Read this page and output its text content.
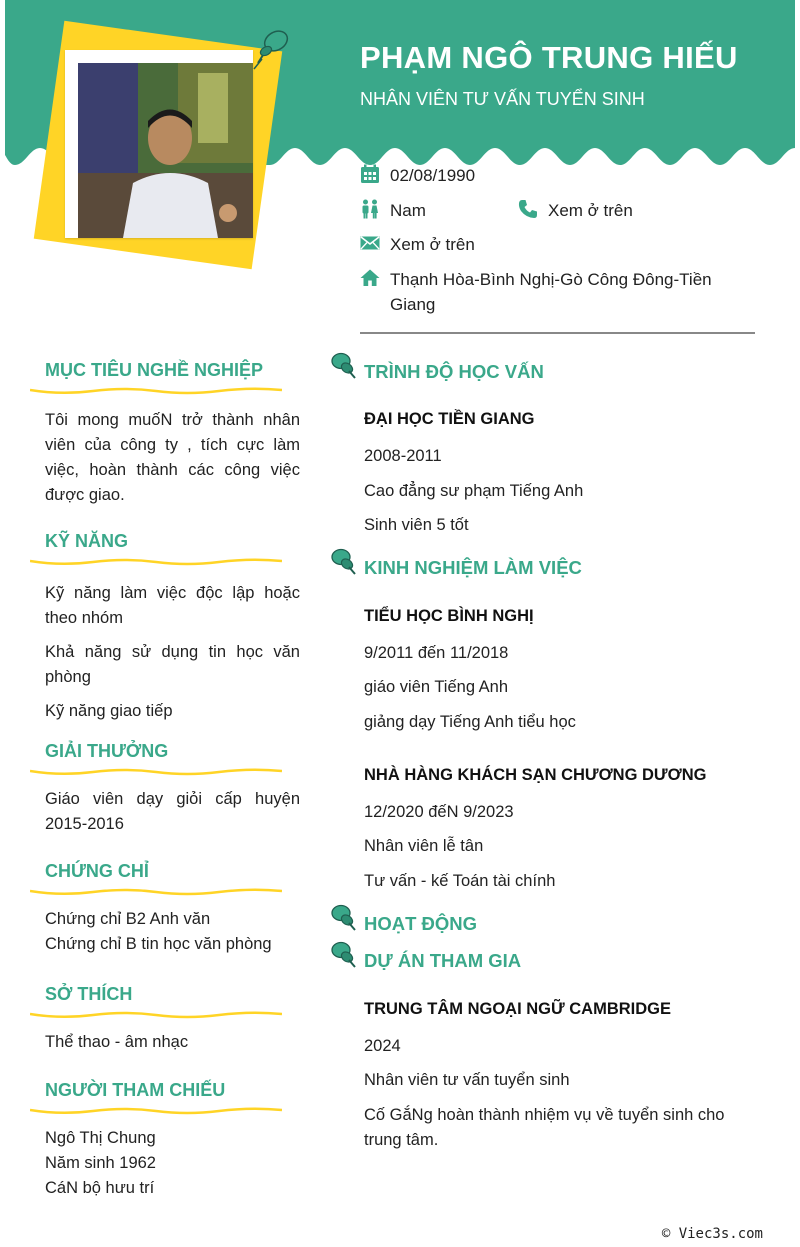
PHẠM NGÔ TRUNG HIẾU
NHÂN VIÊN TƯ VẤN TUYỂN SINH
02/08/1990
Nam	Xem ở trên
Xem ở trên
Thạnh Hòa-Bình Nghị-Gò Công Đông-Tiền Giang
MỤC TIÊU NGHỀ NGHIỆP
Tôi mong muốN trở thành nhân viên của công ty , tích cực làm việc, hoàn thành các công việc được giao.
KỸ NĂNG
Kỹ năng làm việc độc lập hoặc theo nhóm
Khả năng sử dụng tin học văn phòng
Kỹ năng giao tiếp
GIẢI THƯỞNG
Giáo viên dạy giỏi cấp huyện 2015-2016
CHỨNG CHỈ
Chứng chỉ B2 Anh văn
Chứng chỉ B tin học văn phòng
SỞ THÍCH
Thể thao - âm nhạc
NGƯỜI THAM CHIẾU
Ngô Thị Chung
Năm sinh 1962
CáN bộ hưu trí
TRÌNH ĐỘ HỌC VẤN
ĐẠI HỌC TIỀN GIANG
2008-2011
Cao đẳng sư phạm Tiếng Anh
Sinh viên 5 tốt
KINH NGHIỆM LÀM VIỆC
TIỂU HỌC BÌNH NGHỊ
9/2011 đến 11/2018
giáo viên Tiếng Anh
giảng dạy Tiếng Anh tiểu học
NHÀ HÀNG KHÁCH SẠN CHƯƠNG DƯƠNG
12/2020 đếN 9/2023
Nhân viên lễ tân
Tư vấn - kế Toán tài chính
HOẠT ĐỘNG
DỰ ÁN THAM GIA
TRUNG TÂM NGOẠI NGỮ CAMBRIDGE
2024
Nhân viên tư vấn tuyển sinh
Cố GắNg hoàn thành nhiệm vụ về tuyển sinh cho trung tâm.
© Viec3s.com
